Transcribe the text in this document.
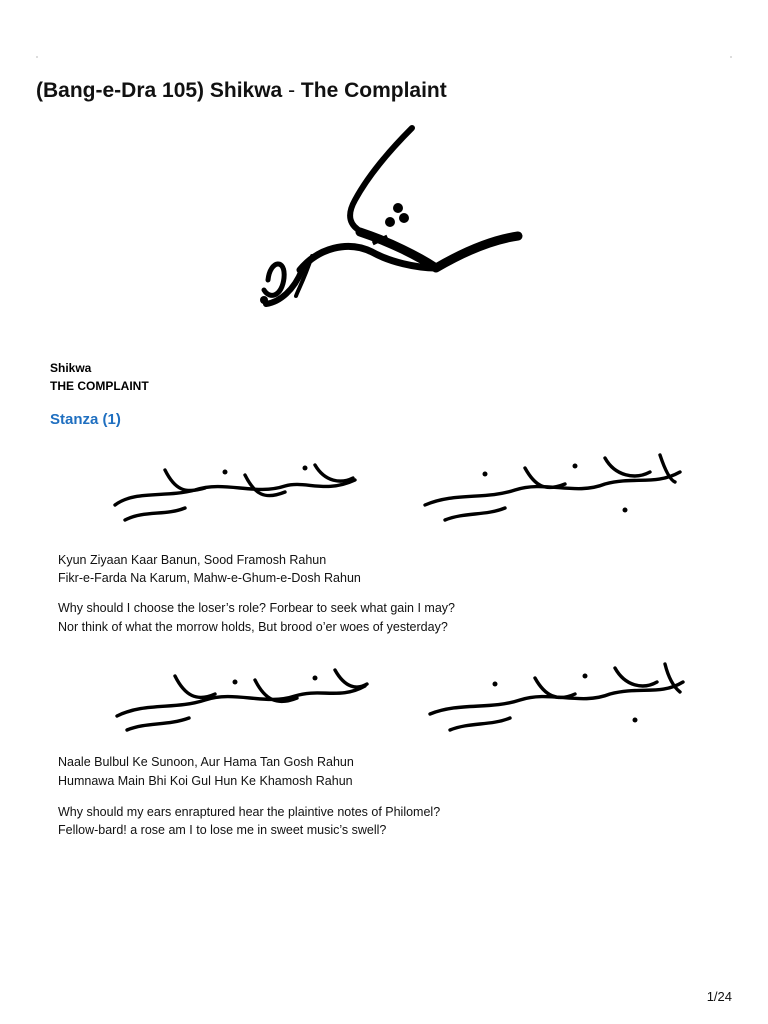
(Bang-e-Dra 105) Shikwa - The Complaint
Shikwa
THE COMPLAINT
Stanza (1)
Kyun Ziyaan Kaar Banun, Sood Framosh Rahun
Fikr-e-Farda Na Karum, Mahw-e-Ghum-e-Dosh Rahun
Why should I choose the loser’s role? Forbear to seek what gain I may?
Nor think of what the morrow holds, But brood o’er woes of yesterday?
Naale Bulbul Ke Sunoon, Aur Hama Tan Gosh Rahun
Humnawa Main Bhi Koi Gul Hun Ke Khamosh Rahun
Why should my ears enraptured hear the plaintive notes of Philomel?
Fellow-bard! a rose am I to lose me in sweet music’s swell?
1/24
